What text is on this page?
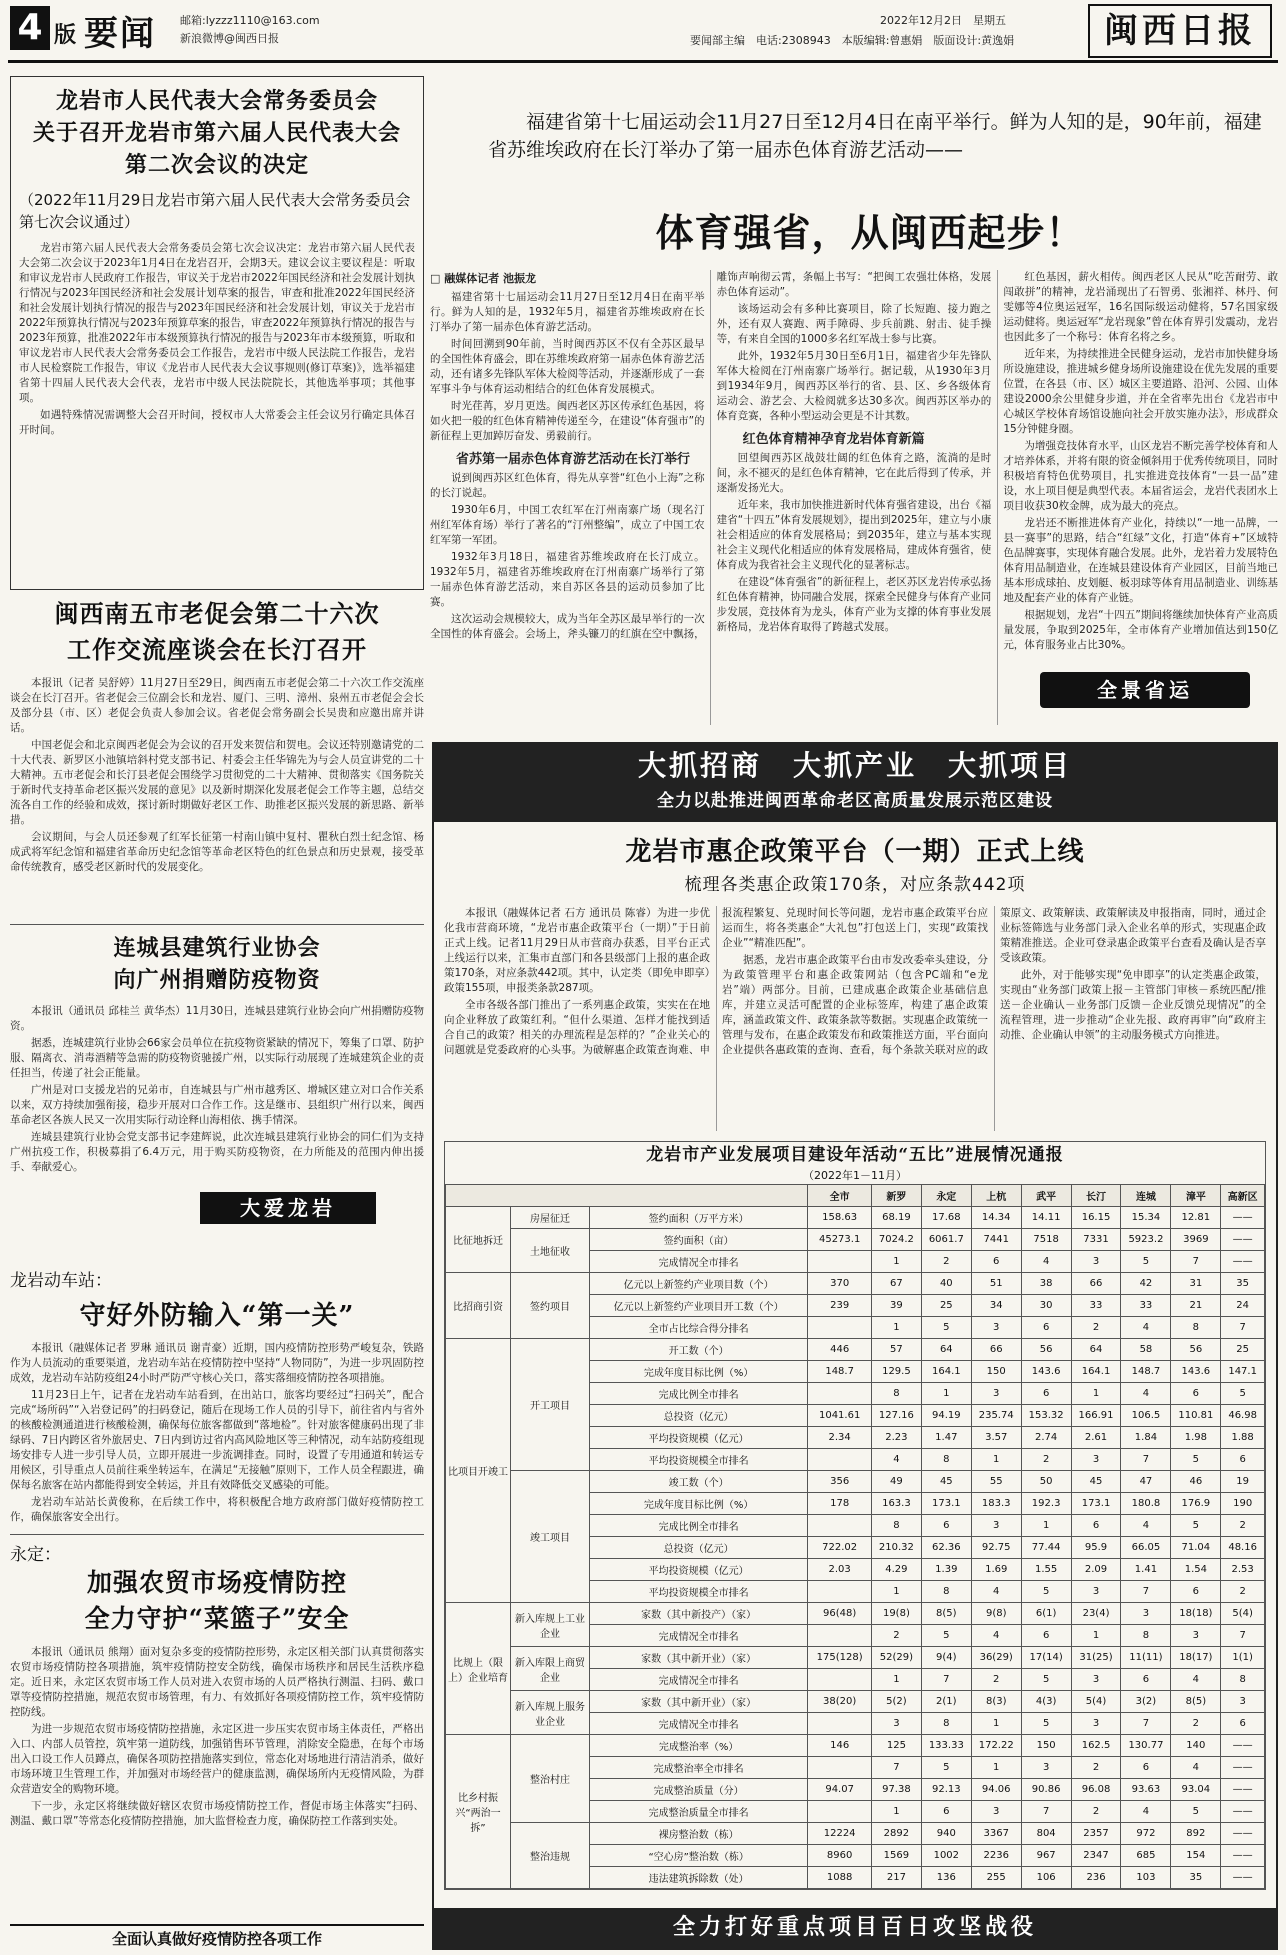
4 版 要闻 邮箱:lyzzz1110@163.com
新浪微博@闽西日报
2022年12月2日　星期五
要闻部主编　电话:2308943　本版编辑:曾惠娟　版面设计:黄逸娟	闽西日报
龙岩市人民代表大会常务委员会
关于召开龙岩市第六届人民代表大会
第二次会议的决定
（2022年11月29日龙岩市第六届人民代表大会常务委员会第七次会议通过）

龙岩市第六届人民代表大会常务委员会第七次会议决定：龙岩市第六届人民代表大会第二次会议于2023年1月4日在龙岩召开，会期3天。建议会议主要议程是：听取和审议龙岩市人民政府工作报告，审议关于龙岩市2022年国民经济和社会发展计划执行情况与2023年国民经济和社会发展计划草案的报告，审查和批准2022年国民经济和社会发展计划执行情况的报告与2023年国民经济和社会发展计划，审议关于龙岩市2022年预算执行情况与2023年预算草案的报告，审查2022年预算执行情况的报告与2023年预算，批准2022年市本级预算执行情况的报告与2023年市本级预算，听取和审议龙岩市人民代表大会常务委员会工作报告，龙岩市中级人民法院工作报告，龙岩市人民检察院工作报告，审议《龙岩市人民代表大会议事规则(修订草案)》，选举福建省第十四届人民代表大会代表，龙岩市中级人民法院院长，其他选举事项；其他事项。

如遇特殊情况需调整大会召开时间，授权市人大常委会主任会议另行确定具体召开时间。

闽西南五市老促会第二十六次
工作交流座谈会在长汀召开

本报讯（记者 吴舒婷）11月27日至29日，闽西南五市老促会第二十六次工作交流座谈会在长汀召开。省老促会三位副会长和龙岩、厦门、三明、漳州、泉州五市老促会会长及部分县（市、区）老促会负责人参加会议。省老促会常务副会长吴贵和应邀出席并讲话。

中国老促会和北京闽西老促会为会议的召开发来贺信和贺电。会议还特别邀请党的二十大代表、新罗区小池镇培斜村党支部书记、村委会主任华锦先为与会人员宣讲党的二十大精神。五市老促会和长汀县老促会围绕学习贯彻党的二十大精神、贯彻落实《国务院关于新时代支持革命老区振兴发展的意见》以及新时期深化发展老促会工作等主题，总结交流各自工作的经验和成效，探讨新时期做好老区工作、助推老区振兴发展的新思路、新举措。

会议期间，与会人员还参观了红军长征第一村南山镇中复村、瞿秋白烈士纪念馆、杨成武将军纪念馆和福建省革命历史纪念馆等革命老区特色的红色景点和历史景观，接受革命传统教育，感受老区新时代的发展变化。

连城县建筑行业协会
向广州捐赠防疫物资

本报讯（通讯员 邱桂兰 黄华杰）11月30日，连城县建筑行业协会向广州捐赠防疫物资。

据悉，连城建筑行业协会66家会员单位在抗疫物资紧缺的情况下，筹集了口罩、防护服、隔离衣、消毒酒精等急需的防疫物资驰援广州，以实际行动展现了连城建筑企业的责任担当，传递了社会正能量。

广州是对口支援龙岩的兄弟市，自连城县与广州市越秀区、增城区建立对口合作关系以来，双方持续加强衔接，稳步开展对口合作工作。这是继市、县组织广州行以来，闽西革命老区各族人民又一次用实际行动诠释山海相依、携手情深。

连城县建筑行业协会党支部书记李建辉说，此次连城县建筑行业协会的同仁们为支持广州抗疫工作，积极募捐了6.4万元，用于购买防疫物资，在力所能及的范围内伸出援手、奉献爱心。

大爱龙岩
龙岩动车站：
守好外防输入“第一关”

本报讯（融媒体记者 罗琳 通讯员 谢青豪）近期，国内疫情防控形势严峻复杂，铁路作为人员流动的重要渠道，龙岩动车站在疫情防控中坚持“人物同防”，为进一步巩固防控成效，龙岩动车站防疫组24小时严防严守核心关口，落实落细疫情防控各项措施。

11月23日上午，记者在龙岩动车站看到，在出站口，旅客均要经过“扫码关”，配合完成“场所码”“入岩登记码”的扫码登记，随后在现场工作人员的引导下，前往省内与省外的核酸检测通道进行核酸检测，确保每位旅客都做到“落地检”。针对旅客健康码出现了非绿码、7日内跨区省外旅居史、7日内到访过省内高风险地区等三种情况，动车站防疫组现场安排专人进一步引导人员，立即开展进一步流调排查。同时，设置了专用通道和转运专用候区，引导重点人员前往乘坐转运车，在满足“无接触”原则下，工作人员全程跟进，确保每名旅客在站内都能得到安全转运，并且有效降低交叉感染的可能。

龙岩动车站站长黄俊称，在后续工作中，将积极配合地方政府部门做好疫情防控工作，确保旅客安全出行。

永定：
加强农贸市场疫情防控
全力守护“菜篮子”安全

本报讯（通讯员 熊翔）面对复杂多变的疫情防控形势，永定区相关部门认真贯彻落实农贸市场疫情防控各项措施，筑牢疫情防控安全防线，确保市场秩序和居民生活秩序稳定。近日来，永定区农贸市场工作人员对进入农贸市场的人员严格执行测温、扫码、戴口罩等疫情防控措施，规范农贸市场管理，有力、有效抓好各项疫情防控工作，筑牢疫情防控防线。

为进一步规范农贸市场疫情防控措施，永定区进一步压实农贸市场主体责任，严格出入口、内部人员管控，筑牢第一道防线，加强销售环节管理，消除安全隐患，在每个市场出入口设工作人员蹲点，确保各项防控措施落实到位，常态化对场地进行清洁消杀，做好市场环境卫生管理工作，并加强对市场经营户的健康监测，确保场所内无疫情风险，为群众营造安全的购物环境。

下一步，永定区将继续做好辖区农贸市场疫情防控工作，督促市场主体落实“扫码、测温、戴口罩”等常态化疫情防控措施，加大监督检查力度，确保防控工作落到实处。

全面认真做好疫情防控各项工作
福建省第十七届运动会11月27日至12月4日在南平举行。鲜为人知的是，90年前，福建省苏维埃政府在长汀举办了第一届赤色体育游艺活动——
体育强省，从闽西起步！
□ 融媒体记者 池振龙

福建省第十七届运动会11月27日至12月4日在南平举行。鲜为人知的是，1932年5月，福建省苏维埃政府在长汀举办了第一届赤色体育游艺活动。

时间回溯到90年前，当时闽西苏区不仅有全苏区最早的全国性体育盛会，即在苏维埃政府第一届赤色体育游艺活动，还有诸多先锋队军体大检阅等活动，并逐渐形成了一套军事斗争与体育运动相结合的红色体育发展模式。

时光荏苒，岁月更迭。闽西老区苏区传承红色基因，将如火把一般的红色体育精神传递至今，在建设“体育强市”的新征程上更加踔厉奋发、勇毅前行。

省苏第一届赤色体育游艺活动在长汀举行

说到闽西苏区红色体育，得先从享誉“红色小上海”之称的长汀说起。

1930年6月，中国工农红军在汀州南寨广场（现名汀州红军体育场）举行了著名的“汀州整编”，成立了中国工农红军第一军团。

1932年3月18日，福建省苏维埃政府在长汀成立。1932年5月，福建省苏维埃政府在汀州南寨广场举行了第一届赤色体育游艺活动，来自苏区各县的运动员参加了比赛。

这次运动会规模较大，成为当年全苏区最早举行的一次全国性的体育盛会。会场上，斧头镰刀的红旗在空中飘扬，雕饰声响彻云霄，条幅上书写：“把闽工农强壮体格，发展赤色体育运动”。

该场运动会有多种比赛项目，除了长短跑、接力跑之外，还有双人赛跑、两手障碍、步兵前跳、射击、徒手操等，有来自全国的1000多名红军战士参与比赛。

此外，1932年5月30日至6月1日，福建省少年先锋队军体大检阅在汀州南寨广场举行。据记载，从1930年3月到1934年9月，闽西苏区举行的省、县、区、乡各级体育运动会、游艺会、大检阅就多达30多次。闽西苏区举办的体育竞赛，各种小型运动会更是不计其数。

红色体育精神孕育龙岩体育新篇

回望闽西苏区战鼓壮阔的红色体育之路，流淌的是时间，永不褪灭的是红色体育精神，它在此后得到了传承，并逐渐发扬光大。

近年来，我市加快推进新时代体育强省建设，出台《福建省“十四五”体育发展规划》，提出到2025年，建立与小康社会相适应的体育发展格局；到2035年，建立与基本实现社会主义现代化相适应的体育发展格局，建成体育强省，使体育成为我省社会主义现代化的显著标志。

在建设“体育强省”的新征程上，老区苏区龙岩传承弘扬红色体育精神，协同融合发展，探索全民健身与体育产业同步发展，竞技体育为龙头，体育产业为支撑的体育事业发展新格局，龙岩体育取得了跨越式发展。

红色基因，薪火相传。闽西老区人民从“吃苦耐劳、敢闯敢拼”的精神，龙岩涌现出了石智勇、张湘祥、林丹、何雯娜等4位奥运冠军，16名国际级运动健将，57名国家级运动健将。奥运冠军“龙岩现象”曾在体育界引发震动，龙岩也因此多了一个称号：体育名将之乡。

近年来，为持续推进全民健身运动，龙岩市加快健身场所设施建设，推进城乡健身场所设施建设在优先发展的重要位置，在各县（市、区）城区主要道路、沿河、公园、山体建设2000余公里健身步道，并在全省率先出台《龙岩市中心城区学校体育场馆设施向社会开放实施办法》，形成群众15分钟健身圈。

为增强竞技体育水平，山区龙岩不断完善学校体育和人才培养体系，并将有限的资金倾斜用于优秀传统项目，同时积极培育特色优势项目，扎实推进竞技体育“一县一品”建设，水上项目便是典型代表。本届省运会，龙岩代表团水上项目收获30枚金牌，成为最大的亮点。

龙岩还不断推进体育产业化，持续以“一地一品牌，一县一赛事”的思路，结合“红绿”文化，打造“体育+”区域特色品牌赛事，实现体育融合发展。此外，龙岩着力发展特色体育用品制造业，在连城县建设体育产业园区，目前当地已基本形成球拍、皮划艇、板羽球等体育用品制造业、训练基地及配套产业的体育产业链。

根据规划，龙岩“十四五”期间将继续加快体育产业高质量发展，争取到2025年，全市体育产业增加值达到150亿元，体育服务业占比30%。

全景省运
大抓招商　大抓产业　大抓项目
全力以赴推进闽西革命老区高质量发展示范区建设
龙岩市惠企政策平台（一期）正式上线
梳理各类惠企政策170条，对应条款442项

本报讯（融媒体记者 石方 通讯员 陈睿）为进一步优化我市营商环境，“龙岩市惠企政策平台（一期）”于日前正式上线。记者11月29日从市营商办获悉，目平台正式上线运行以来，汇集市直部门和各县级部门上报的惠企政策170条，对应条款442项。其中，认定类（即免申即享）政策155项，申报类条款287项。

全市各级各部门推出了一系列惠企政策，实实在在地向企业释放了政策红利。“但什么渠道、怎样才能找到适合自己的政策？相关的办理流程是怎样的？”企业关心的问题就是党委政府的心头事。为破解惠企政策查询难、申报流程繁复、兑现时间长等问题，龙岩市惠企政策平台应运而生，将各类惠企“大礼包”打包送上门，实现“政策找企业”“精准匹配”。

据悉，龙岩市惠企政策平台由市发改委牵头建设，分为政策管理平台和惠企政策网站（包含PC端和“e龙岩”端）两部分。目前，已建成惠企政策企业基础信息库，并建立灵活可配置的企业标签库，构建了惠企政策库，涵盖政策文件、政策条款等数据。实现惠企政策统一管理与发布，在惠企政策发布和政策推送方面，平台面向企业提供各惠政策的查询、查看，每个条款关联对应的政策原文、政策解读、政策解读及申报指南，同时，通过企业标签筛选与业务部门录入企业名单的形式，实现惠企政策精准推送。企业可登录惠企政策平台查看及确认是否享受该政策。

此外，对于能够实现“免申即享”的认定类惠企政策，实现由“业务部门政策上报－主管部门审核－系统匹配/推送－企业确认－业务部门反馈－企业反馈兑现情况”的全流程管理，进一步推动“企业先报、政府再审”向“政府主动推、企业确认申领”的主动服务模式方向推进。

龙岩市产业发展项目建设年活动“五比”进展情况通报
（2022年1－11月）
			全市	新罗	永定	上杭	武平	长汀	连城	漳平	高新区
比征地拆迁	房屋征迁	签约面积（万平方米）	158.63	68.19	17.68	14.34	14.11	16.15	15.34	12.81	——
	土地征收	签约面积（亩）	45273.1	7024.2	6061.7	7441	7518	7331	5923.2	3969	——
		完成情况全市排名		1	2	6	4	3	5	7	——
比招商引资	签约项目	亿元以上新签约产业项目数（个）	370	67	40	51	38	66	42	31	35
		亿元以上新签约产业项目开工数（个）	239	39	25	34	30	33	33	21	24
		全市占比综合得分排名		1	5	3	6	2	4	8	7
比项目开竣工	开工项目	开工数（个）	446	57	64	66	56	64	58	56	25
		完成年度目标比例（%）	148.7	129.5	164.1	150	143.6	164.1	148.7	143.6	147.1
		完成比例全市排名		8	1	3	6	1	4	6	5
		总投资（亿元）	1041.61	127.16	94.19	235.74	153.32	166.91	106.5	110.81	46.98
		平均投资规模（亿元）	2.34	2.23	1.47	3.57	2.74	2.61	1.84	1.98	1.88
		平均投资规模全市排名		4	8	1	2	3	7	5	6
	竣工项目	竣工数（个）	356	49	45	55	50	45	47	46	19
		完成年度目标比例（%）	178	163.3	173.1	183.3	192.3	173.1	180.8	176.9	190
		完成比例全市排名		8	6	3	1	6	4	5	2
		总投资（亿元）	722.02	210.32	62.36	92.75	77.44	95.9	66.05	71.04	48.16
		平均投资规模（亿元）	2.03	4.29	1.39	1.69	1.55	2.09	1.41	1.54	2.53
		平均投资规模全市排名		1	8	4	5	3	7	6	2
比规上（限上）企业培育	新入库规上工业企业	家数（其中新投产）（家）	96(48)	19(8)	8(5)	9(8)	6(1)	23(4)	3	18(18)	5(4)
		完成情况全市排名		2	5	4	6	1	8	3	7
	新入库限上商贸企业	家数（其中新开业）（家）	175(128)	52(29)	9(4)	36(29)	17(14)	31(25)	11(11)	18(17)	1(1)
		完成情况全市排名		1	7	2	5	3	6	4	8
	新入库规上服务业企业	家数（其中新开业）（家）	38(20)	5(2)	2(1)	8(3)	4(3)	5(4)	3(2)	8(5)	3
		完成情况全市排名		3	8	1	5	3	7	2	6
比乡村振兴“两治一拆”	整治村庄	完成整治率（%）	146	125	133.33	172.22	150	162.5	130.77	140	——
		完成整治率全市排名		7	5	1	3	2	6	4	——
		完成整治质量（分）	94.07	97.38	92.13	94.06	90.86	96.08	93.63	93.04	——
		完成整治质量全市排名		1	6	3	7	2	4	5	——
	整治违规	裸房整治数（栋）	12224	2892	940	3367	804	2357	972	892	——
		“空心房”整治数（栋）	8960	1569	1002	2236	967	2347	685	154	——
		违法建筑拆除数（处）	1088	217	136	255	106	236	103	35	——
全力打好重点项目百日攻坚战役
